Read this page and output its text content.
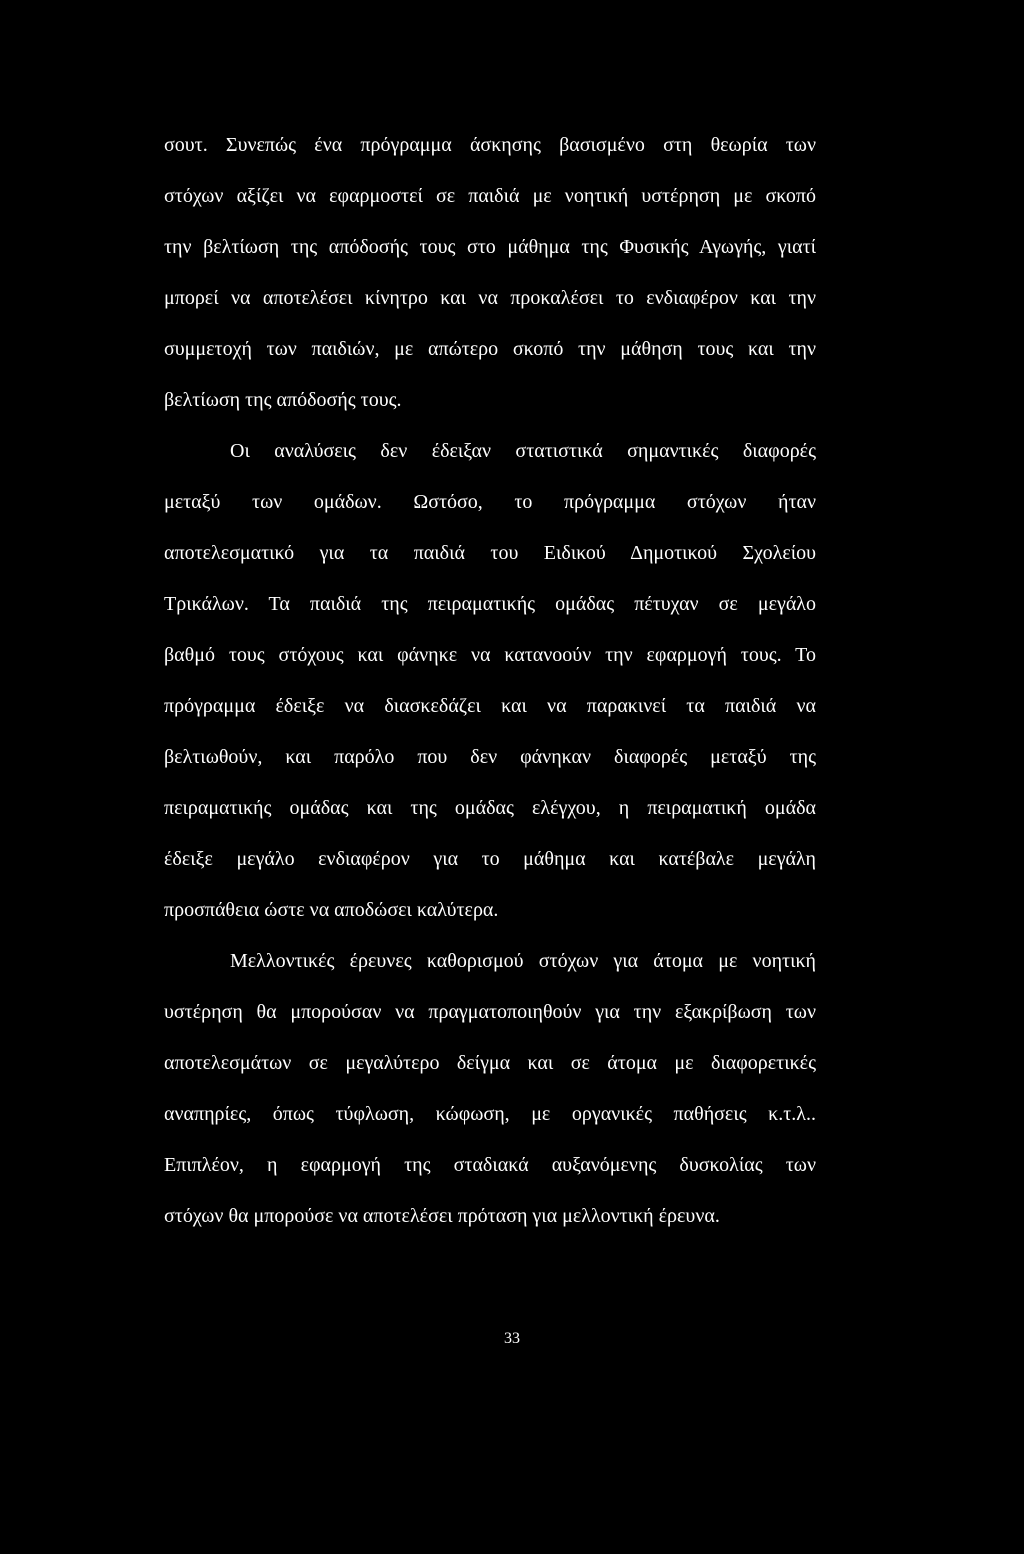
σουτ. Συνεπώς ένα πρόγραμμα άσκησης βασισμένο στη θεωρία των
στόχων αξίζει να εφαρμοστεί σε παιδιά με νοητική υστέρηση με σκοπό
την βελτίωση της απόδοσής τους στο μάθημα της Φυσικής Αγωγής, γιατί
μπορεί να αποτελέσει κίνητρο και να προκαλέσει το ενδιαφέρον και την
συμμετοχή των παιδιών, με απώτερο σκοπό την μάθηση τους και την
βελτίωση της απόδοσής τους.
Οι αναλύσεις δεν έδειξαν στατιστικά σημαντικές διαφορές
μεταξύ των ομάδων. Ωστόσο, το πρόγραμμα στόχων ήταν
αποτελεσματικό για τα παιδιά του Ειδικού Δημοτικού Σχολείου
Τρικάλων. Τα παιδιά της πειραματικής ομάδας πέτυχαν σε μεγάλο
βαθμό τους στόχους και φάνηκε να κατανοούν την εφαρμογή τους. Το
πρόγραμμα έδειξε να διασκεδάζει και να παρακινεί τα παιδιά να
βελτιωθούν, και παρόλο που δεν φάνηκαν διαφορές μεταξύ της
πειραματικής ομάδας και της ομάδας ελέγχου, η πειραματική ομάδα
έδειξε μεγάλο ενδιαφέρον για το μάθημα και κατέβαλε μεγάλη
προσπάθεια ώστε να αποδώσει καλύτερα.
Μελλοντικές έρευνες καθορισμού στόχων για άτομα με νοητική
υστέρηση θα μπορούσαν να πραγματοποιηθούν για την εξακρίβωση των
αποτελεσμάτων σε μεγαλύτερο δείγμα και σε άτομα με διαφορετικές
αναπηρίες, όπως τύφλωση, κώφωση, με οργανικές παθήσεις κ.τ.λ..
Επιπλέον, η εφαρμογή της σταδιακά αυξανόμενης δυσκολίας των
στόχων θα μπορούσε να αποτελέσει πρόταση για μελλοντική έρευνα.
33
